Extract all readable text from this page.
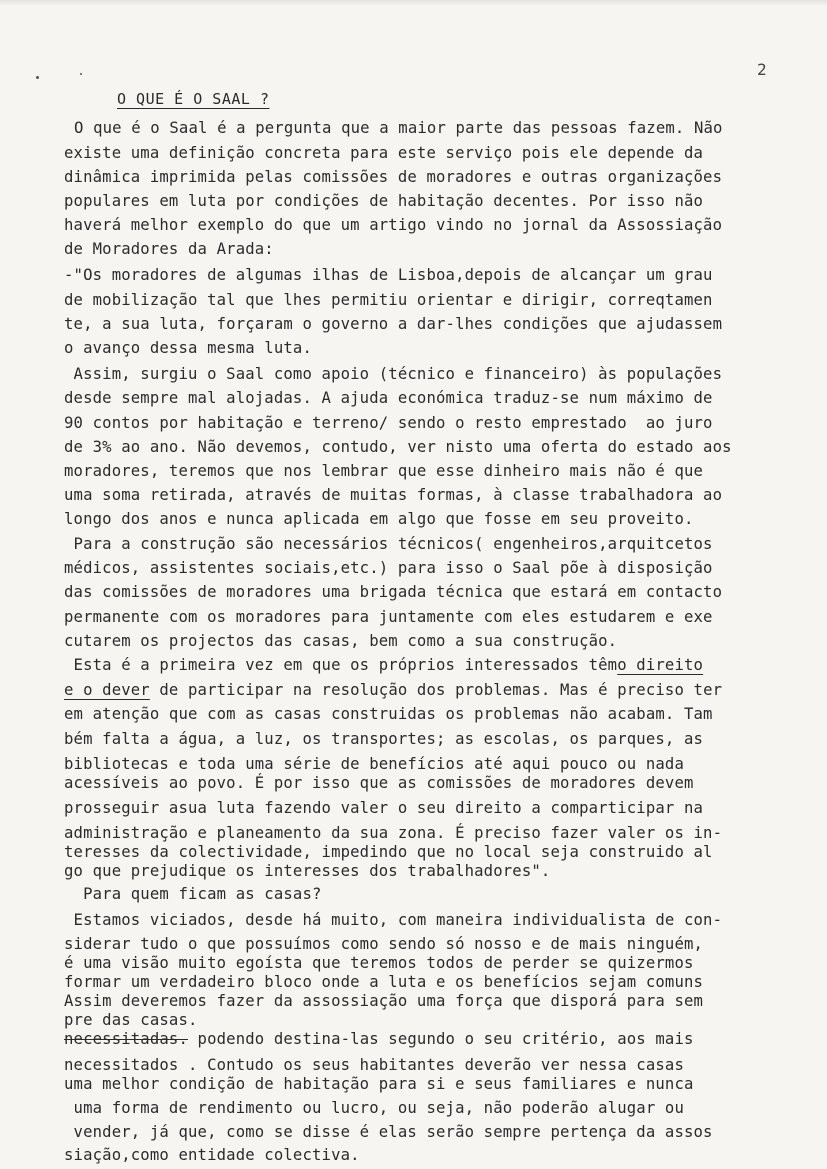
2
O QUE É O SAAL ?
O que é o Saal é a pergunta que a maior parte das pessoas fazem. Não
existe uma definição concreta para este serviço pois ele depende da
dinâmica imprimida pelas comissões de moradores e outras organizações
populares em luta por condições de habitação decentes. Por isso não
haverá melhor exemplo do que um artigo vindo no jornal da Assossiação
de Moradores da Arada:
-"Os moradores de algumas ilhas de Lisboa,depois de alcançar um grau
de mobilização tal que lhes permitiu orientar e dirigir, correqtamen
te, a sua luta, forçaram o governo a dar-lhes condições que ajudassem
o avanço dessa mesma luta.
Assim, surgiu o Saal como apoio (técnico e financeiro) às populações
desde sempre mal alojadas. A ajuda económica traduz-se num máximo de
90 contos por habitação e terreno/ sendo o resto emprestado  ao juro
de 3% ao ano. Não devemos, contudo, ver nisto uma oferta do estado aos
moradores, teremos que nos lembrar que esse dinheiro mais não é que
uma soma retirada, através de muitas formas, à classe trabalhadora ao
longo dos anos e nunca aplicada em algo que fosse em seu proveito.
Para a construção são necessários técnicos( engenheiros,arquitcetos
médicos, assistentes sociais,etc.) para isso o Saal põe à disposição
das comissões de moradores uma brigada técnica que estará em contacto
permanente com os moradores para juntamente com eles estudarem e exe
cutarem os projectos das casas, bem como a sua construção.
Esta é a primeira vez em que os próprios interessados têmo direito
e o dever de participar na resolução dos problemas. Mas é preciso ter
em atenção que com as casas construidas os problemas não acabam. Tam
bém falta a água, a luz, os transportes; as escolas, os parques, as
bibliotecas e toda uma série de benefícios até aqui pouco ou nada
acessíveis ao povo. É por isso que as comissões de moradores devem
prosseguir asua luta fazendo valer o seu direito a comparticipar na
administração e planeamento da sua zona. É preciso fazer valer os in-
teresses da colectividade, impedindo que no local seja construido al
go que prejudique os interesses dos trabalhadores".
Para quem ficam as casas?
Estamos viciados, desde há muito, com maneira individualista de con-
siderar tudo o que possuímos como sendo só nosso e de mais ninguém,
é uma visão muito egoísta que teremos todos de perder se quizermos
formar um verdadeiro bloco onde a luta e os benefícios sejam comuns
Assim deveremos fazer da assossiação uma força que disporá para sem
pre das casas.
necessitadas. podendo destina-las segundo o seu critério, aos mais
necessitados . Contudo os seus habitantes deverão ver nessa casas
uma melhor condição de habitação para si e seus familiares e nunca
uma forma de rendimento ou lucro, ou seja, não poderão alugar ou
vender, já que, como se disse é elas serão sempre pertença da assos
siação,como entidade colectiva.
